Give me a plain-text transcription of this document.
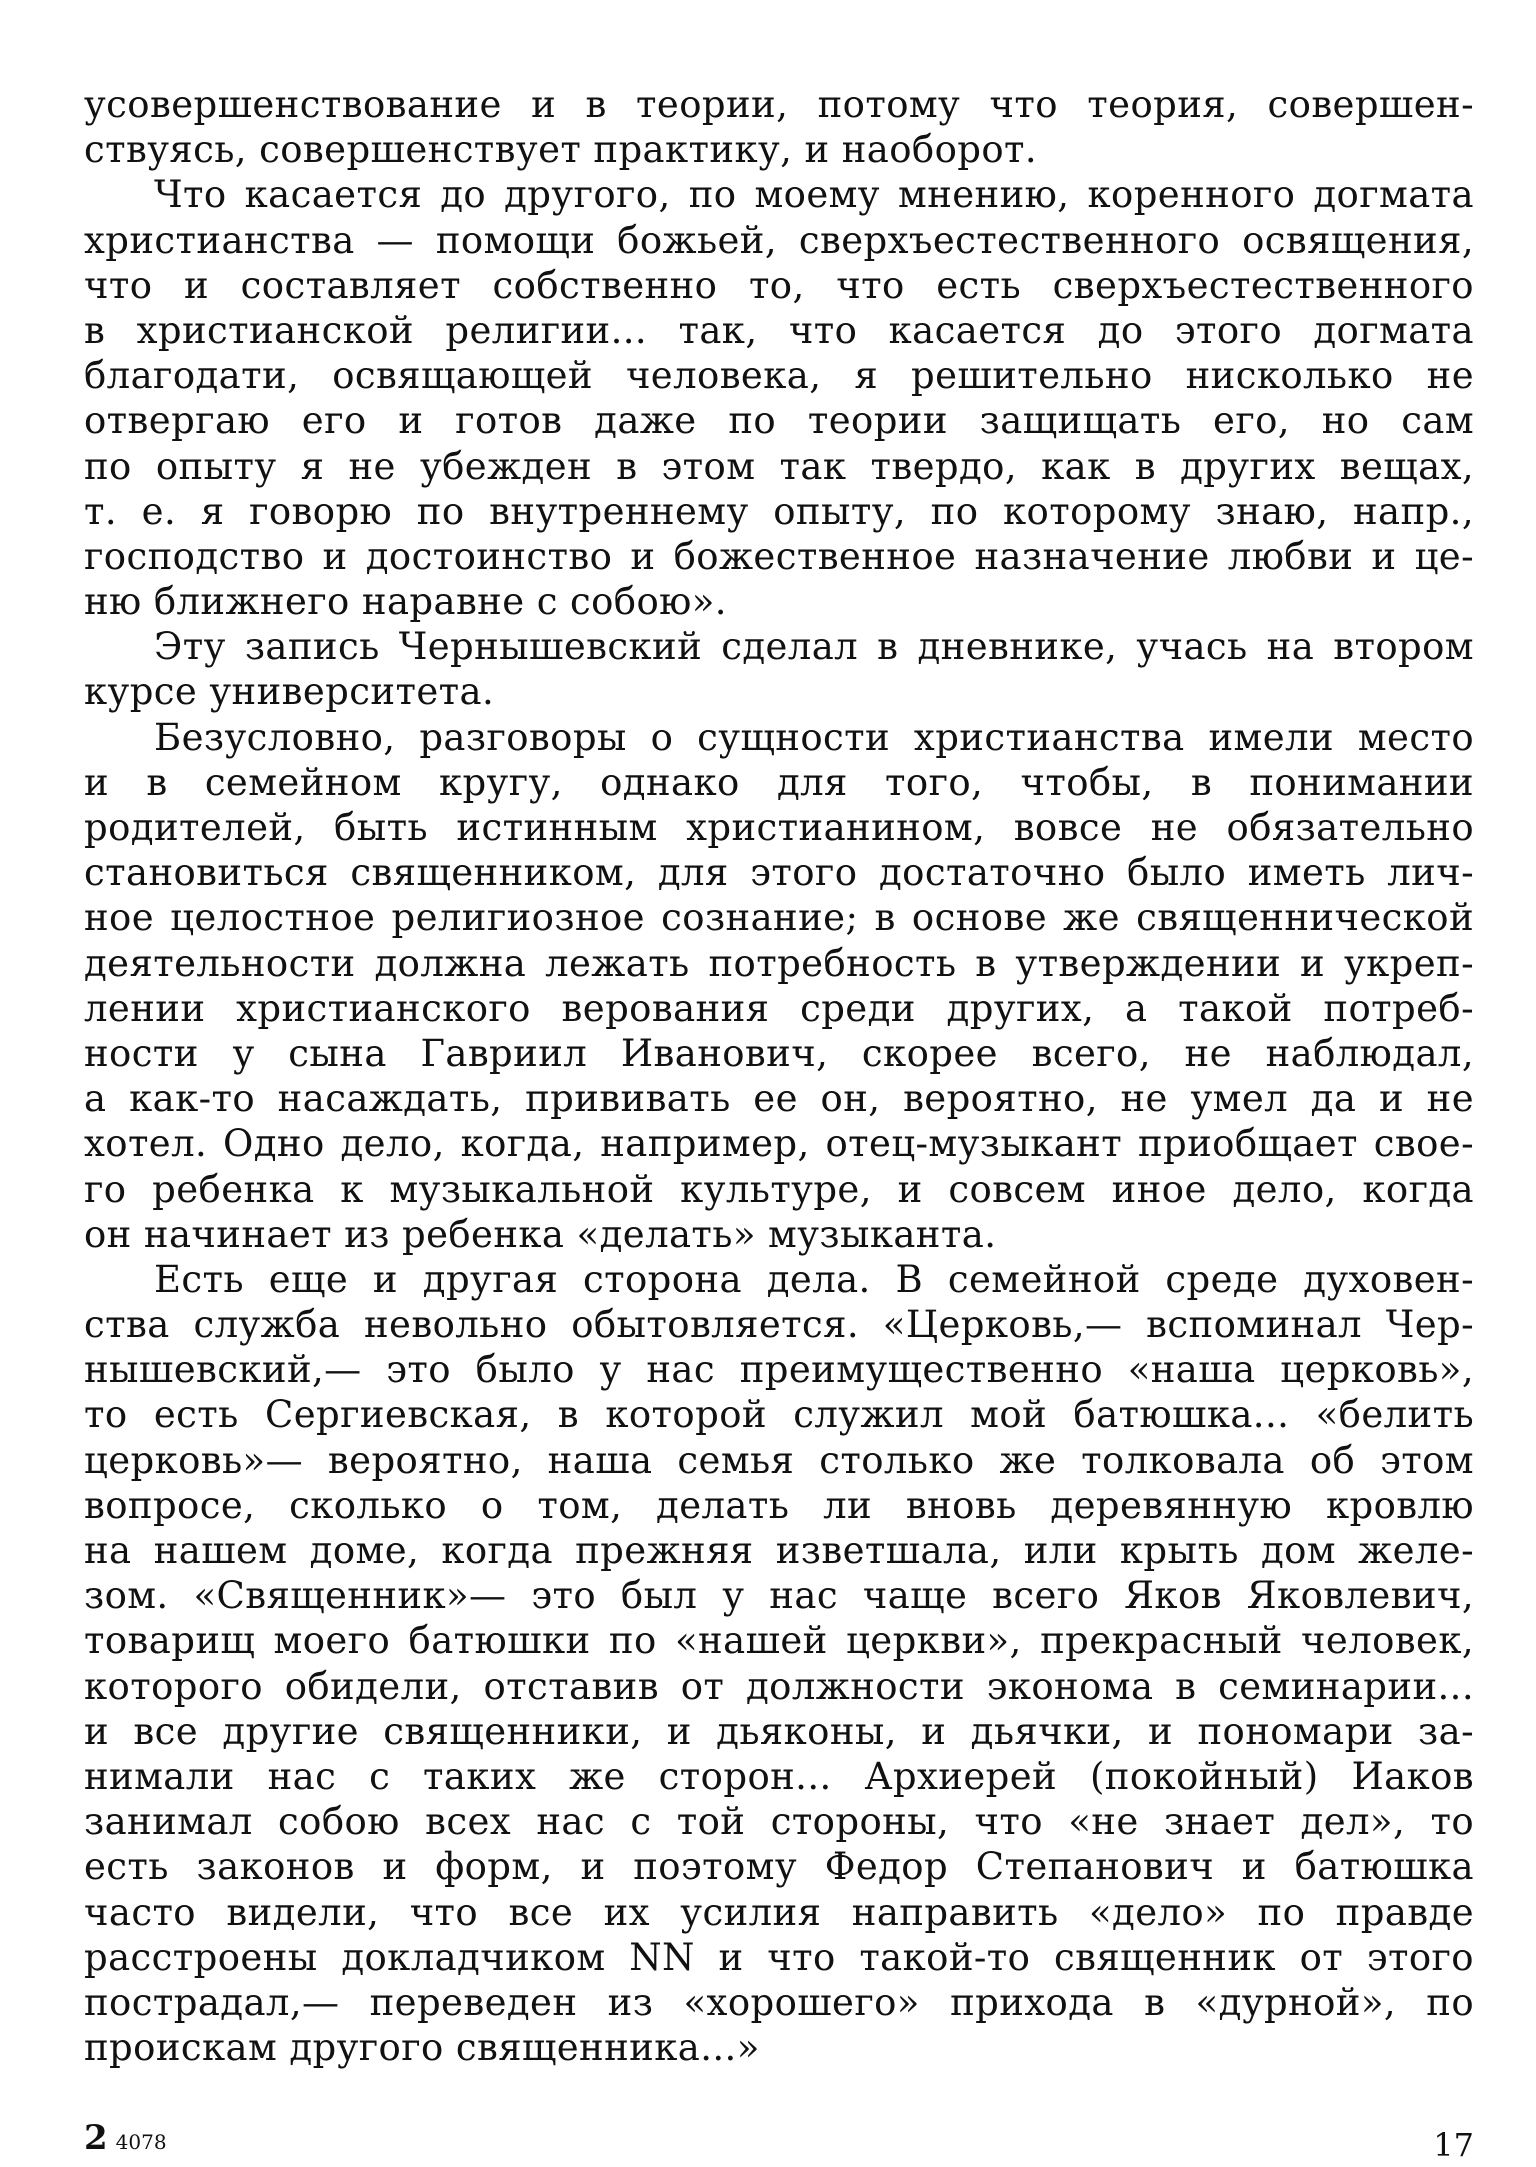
усовершенствование и в теории, потому что теория, совершен-
ствуясь, совершенствует практику, и наоборот.
Что касается до другого, по моему мнению, коренного догмата
христианства — помощи божьей, сверхъестественного освящения,
что и составляет собственно то, что есть сверхъестественного
в христианской религии... так, что касается до этого догмата
благодати, освящающей человека, я решительно нисколько не
отвергаю его и готов даже по теории защищать его, но сам
по опыту я не убежден в этом так твердо, как в других вещах,
т. е. я говорю по внутреннему опыту, по которому знаю, напр.,
господство и достоинство и божественное назначение любви и це-
ню ближнего наравне с собою».
Эту запись Чернышевский сделал в дневнике, учась на втором
курсе университета.
Безусловно, разговоры о сущности христианства имели место
и в семейном кругу, однако для того, чтобы, в понимании
родителей, быть истинным христианином, вовсе не обязательно
становиться священником, для этого достаточно было иметь лич-
ное целостное религиозное сознание; в основе же священнической
деятельности должна лежать потребность в утверждении и укреп-
лении христианского верования среди других, а такой потреб-
ности у сына Гавриил Иванович, скорее всего, не наблюдал,
а как-то насаждать, прививать ее он, вероятно, не умел да и не
хотел. Одно дело, когда, например, отец-музыкант приобщает свое-
го ребенка к музыкальной культуре, и совсем иное дело, когда
он начинает из ребенка «делать» музыканта.
Есть еще и другая сторона дела. В семейной среде духовен-
ства служба невольно обытовляется. «Церковь,— вспоминал Чер-
нышевский,— это было у нас преимущественно «наша церковь»,
то есть Сергиевская, в которой служил мой батюшка... «белить
церковь»— вероятно, наша семья столько же толковала об этом
вопросе, сколько о том, делать ли вновь деревянную кровлю
на нашем доме, когда прежняя изветшала, или крыть дом желе-
зом. «Священник»— это был у нас чаще всего Яков Яковлевич,
товарищ моего батюшки по «нашей церкви», прекрасный человек,
которого обидели, отставив от должности эконома в семинарии...
и все другие священники, и дьяконы, и дьячки, и пономари за-
нимали нас с таких же сторон... Архиерей (покойный) Иаков
занимал собою всех нас с той стороны, что «не знает дел», то
есть законов и форм, и поэтому Федор Степанович и батюшка
часто видели, что все их усилия направить «дело» по правде
расстроены докладчиком NN и что такой-то священник от этого
пострадал,— переведен из «хорошего» прихода в «дурной», по
проискам другого священника...»
2 4078	17
